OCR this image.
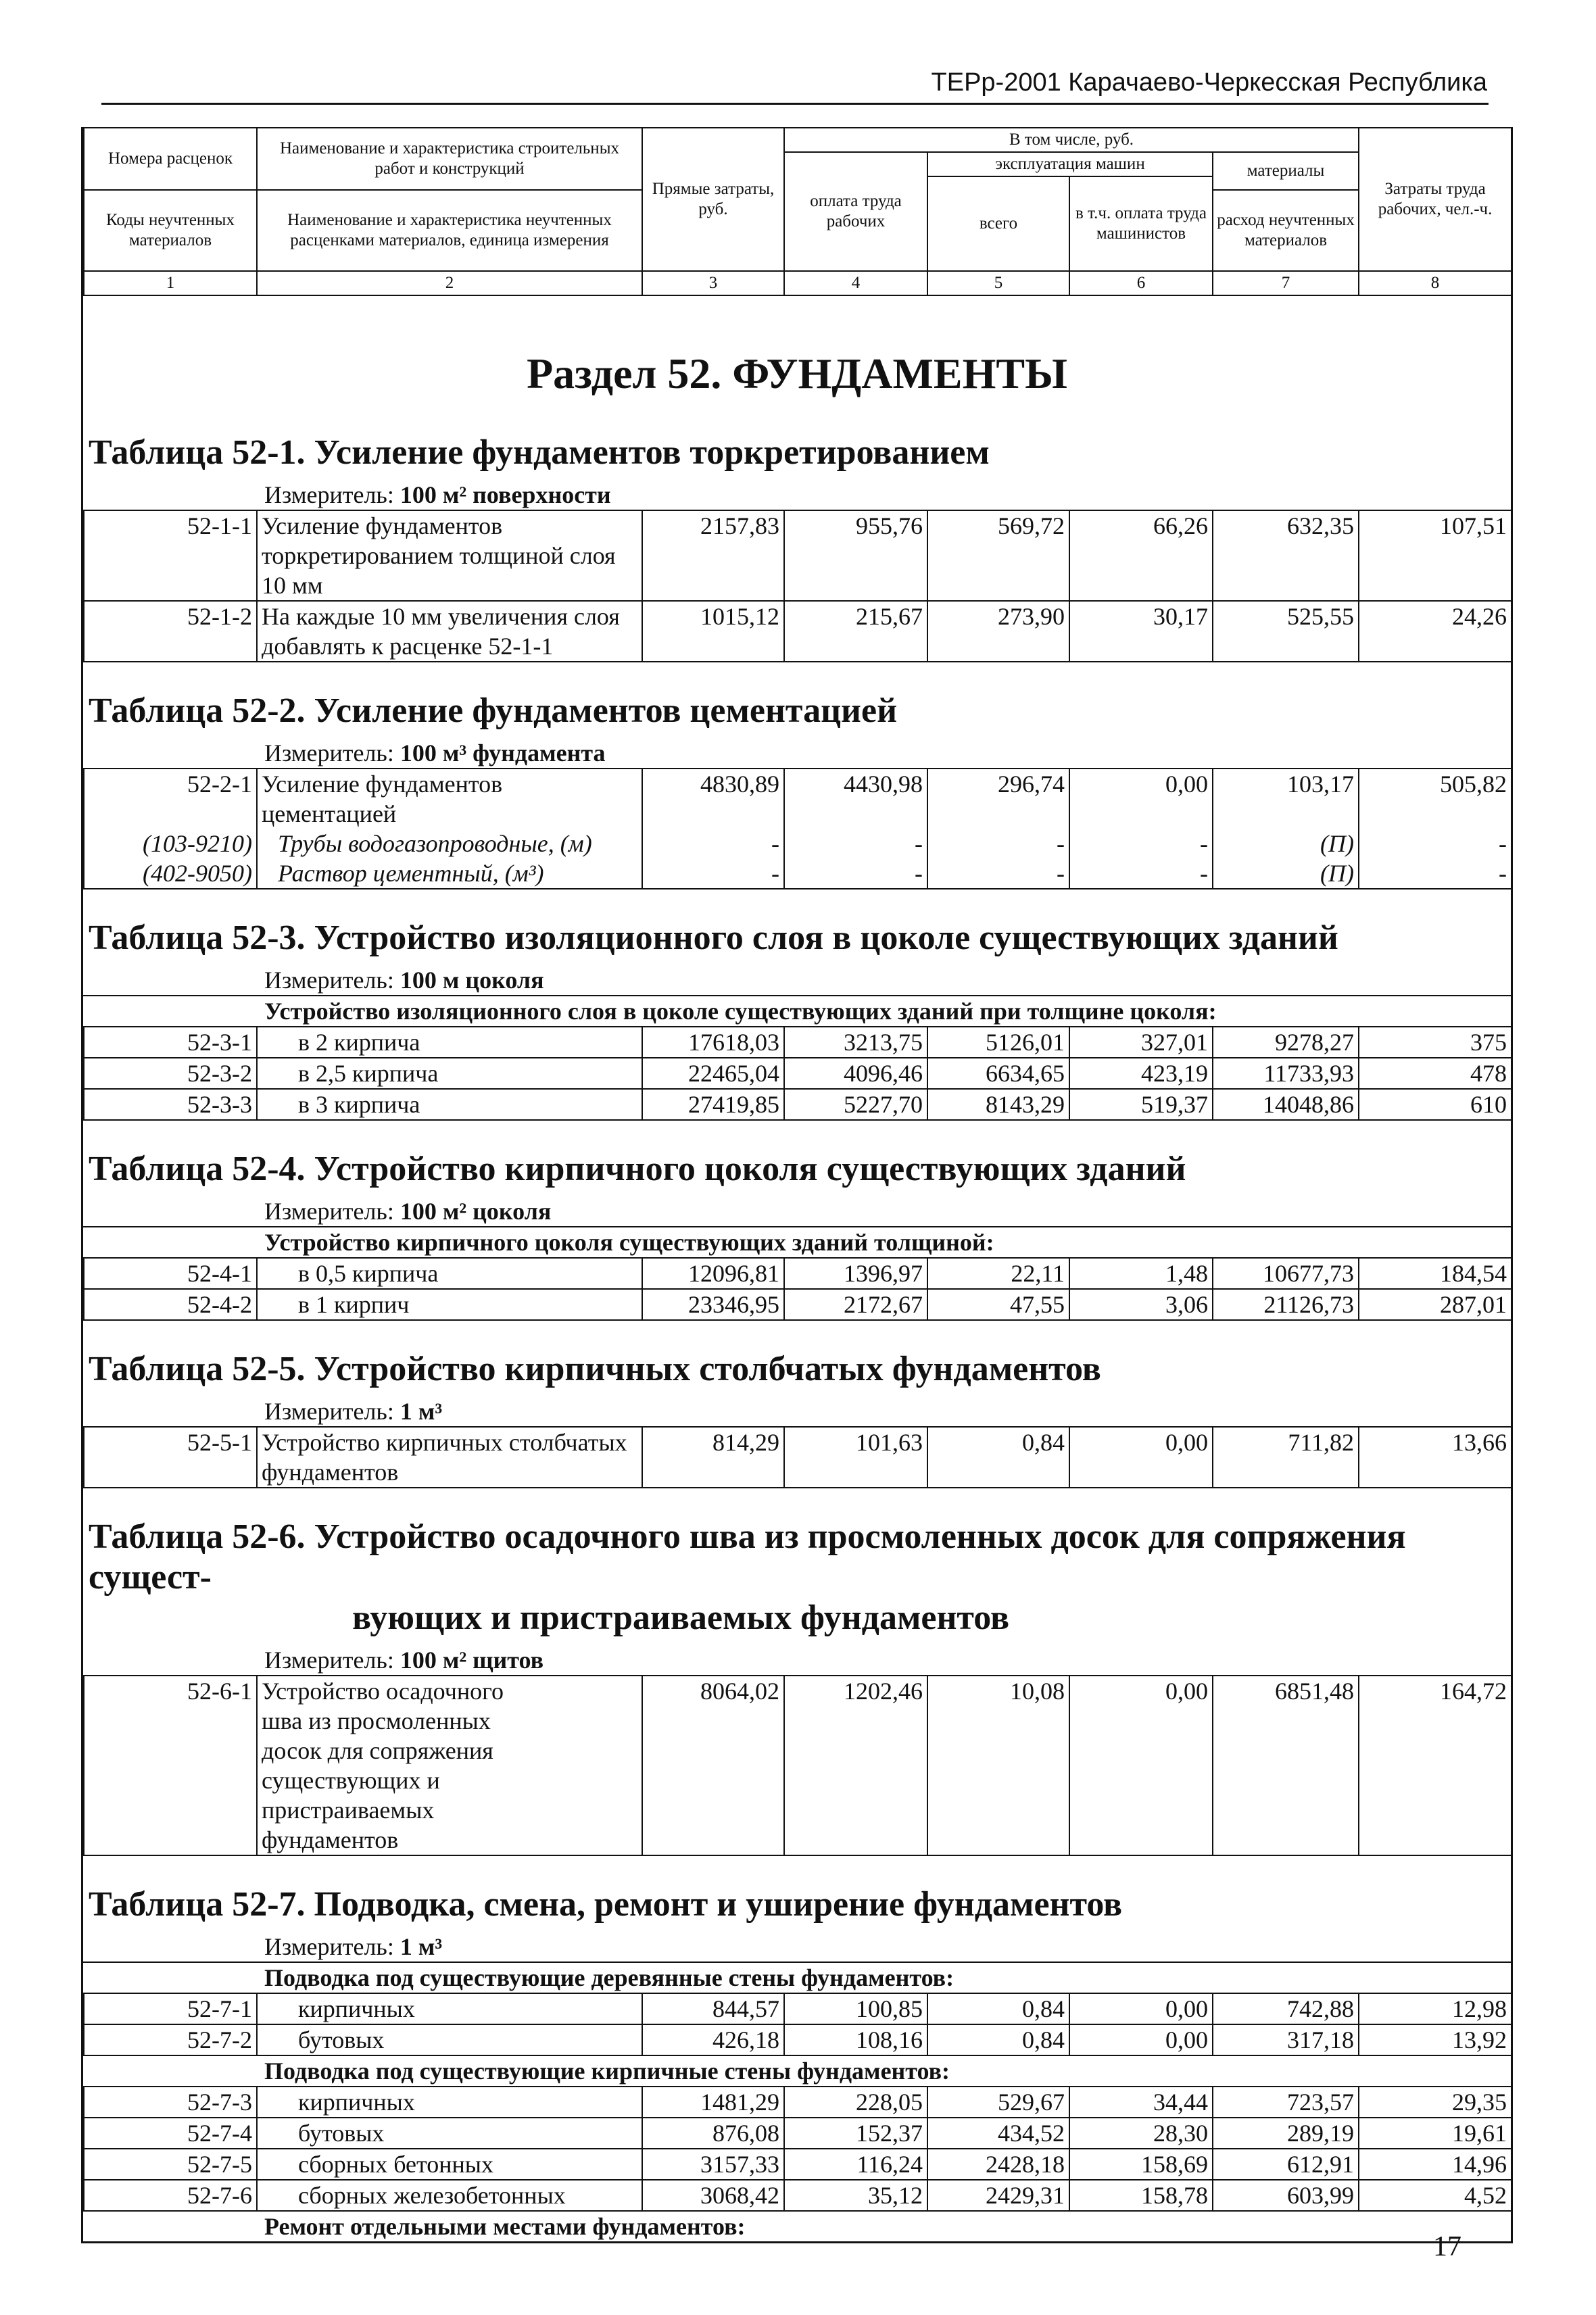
ТЕРр-2001 Карачаево-Черкесская Республика
Номера расценок	Наименование и характеристика строительных работ и конструкций	Прямые затраты, руб.	В том числе, руб.				Затраты труда рабочих, чел.-ч.
			оплата труда рабочих	эксплуатация машин		материалы	
				всего	в т.ч. оплата труда машинистов		
Коды неучтенных материалов	Наименование и характеристика неучтенных расценками материалов, единица измерения					расход неучтенных материалов	

1	2	3	4	5	6	7	8
Раздел 52. ФУНДАМЕНТЫ
Таблица 52-1. Усиление фундаментов торкретированием
Измеритель: 100 м² поверхности
52-1-1	Усиление фундаментов торкретированием толщиной слоя 10 мм	2157,83	955,76	569,72	66,26	632,35	107,51
52-1-2	На каждые 10 мм увеличения слоя добавлять к расценке 52-1-1	1015,12	215,67	273,90	30,17	525,55	24,26
Таблица 52-2. Усиление фундаментов цементацией
Измеритель: 100 м³ фундамента
52-2-1	Усиление фундаментов цементацией	4830,89	4430,98	296,74	0,00	103,17	505,82
(103-9210)	Трубы водогазопроводные, (м)	-	-	-	-	(П)	-
(402-9050)	Раствор цементный, (м³)	-	-	-	-	(П)	-
Таблица 52-3. Устройство изоляционного слоя в цоколе существующих зданий
Измеритель: 100 м цоколя
Устройство изоляционного слоя в цоколе существующих зданий при толщине цоколя:
52-3-1	в 2 кирпича	17618,03	3213,75	5126,01	327,01	9278,27	375
52-3-2	в 2,5 кирпича	22465,04	4096,46	6634,65	423,19	11733,93	478
52-3-3	в 3 кирпича	27419,85	5227,70	8143,29	519,37	14048,86	610
Таблица 52-4. Устройство кирпичного цоколя существующих зданий
Измеритель: 100 м² цоколя
Устройство кирпичного цоколя существующих зданий толщиной:
52-4-1	в 0,5 кирпича	12096,81	1396,97	22,11	1,48	10677,73	184,54
52-4-2	в 1 кирпич	23346,95	2172,67	47,55	3,06	21126,73	287,01
Таблица 52-5. Устройство кирпичных столбчатых фундаментов
Измеритель: 1 м³
52-5-1	Устройство кирпичных столбчатых фундаментов	814,29	101,63	0,84	0,00	711,82	13,66
Таблица 52-6. Устройство осадочного шва из просмоленных досок для сопряжения сущест-
вующих и пристраиваемых фундаментов
Измеритель: 100 м² щитов
52-6-1	Устройство осадочного шва из просмоленных досок для сопряжения существующих и пристраиваемых фундаментов	8064,02	1202,46	10,08	0,00	6851,48	164,72
Таблица 52-7. Подводка, смена, ремонт и уширение фундаментов
Измеритель: 1 м³
Подводка под существующие деревянные стены фундаментов:
52-7-1	кирпичных	844,57	100,85	0,84	0,00	742,88	12,98
52-7-2	бутовых	426,18	108,16	0,84	0,00	317,18	13,92
Подводка под существующие кирпичные стены фундаментов:
52-7-3	кирпичных	1481,29	228,05	529,67	34,44	723,57	29,35
52-7-4	бутовых	876,08	152,37	434,52	28,30	289,19	19,61
52-7-5	сборных бетонных	3157,33	116,24	2428,18	158,69	612,91	14,96
52-7-6	сборных железобетонных	3068,42	35,12	2429,31	158,78	603,99	4,52
Ремонт отдельными местами фундаментов:
17
